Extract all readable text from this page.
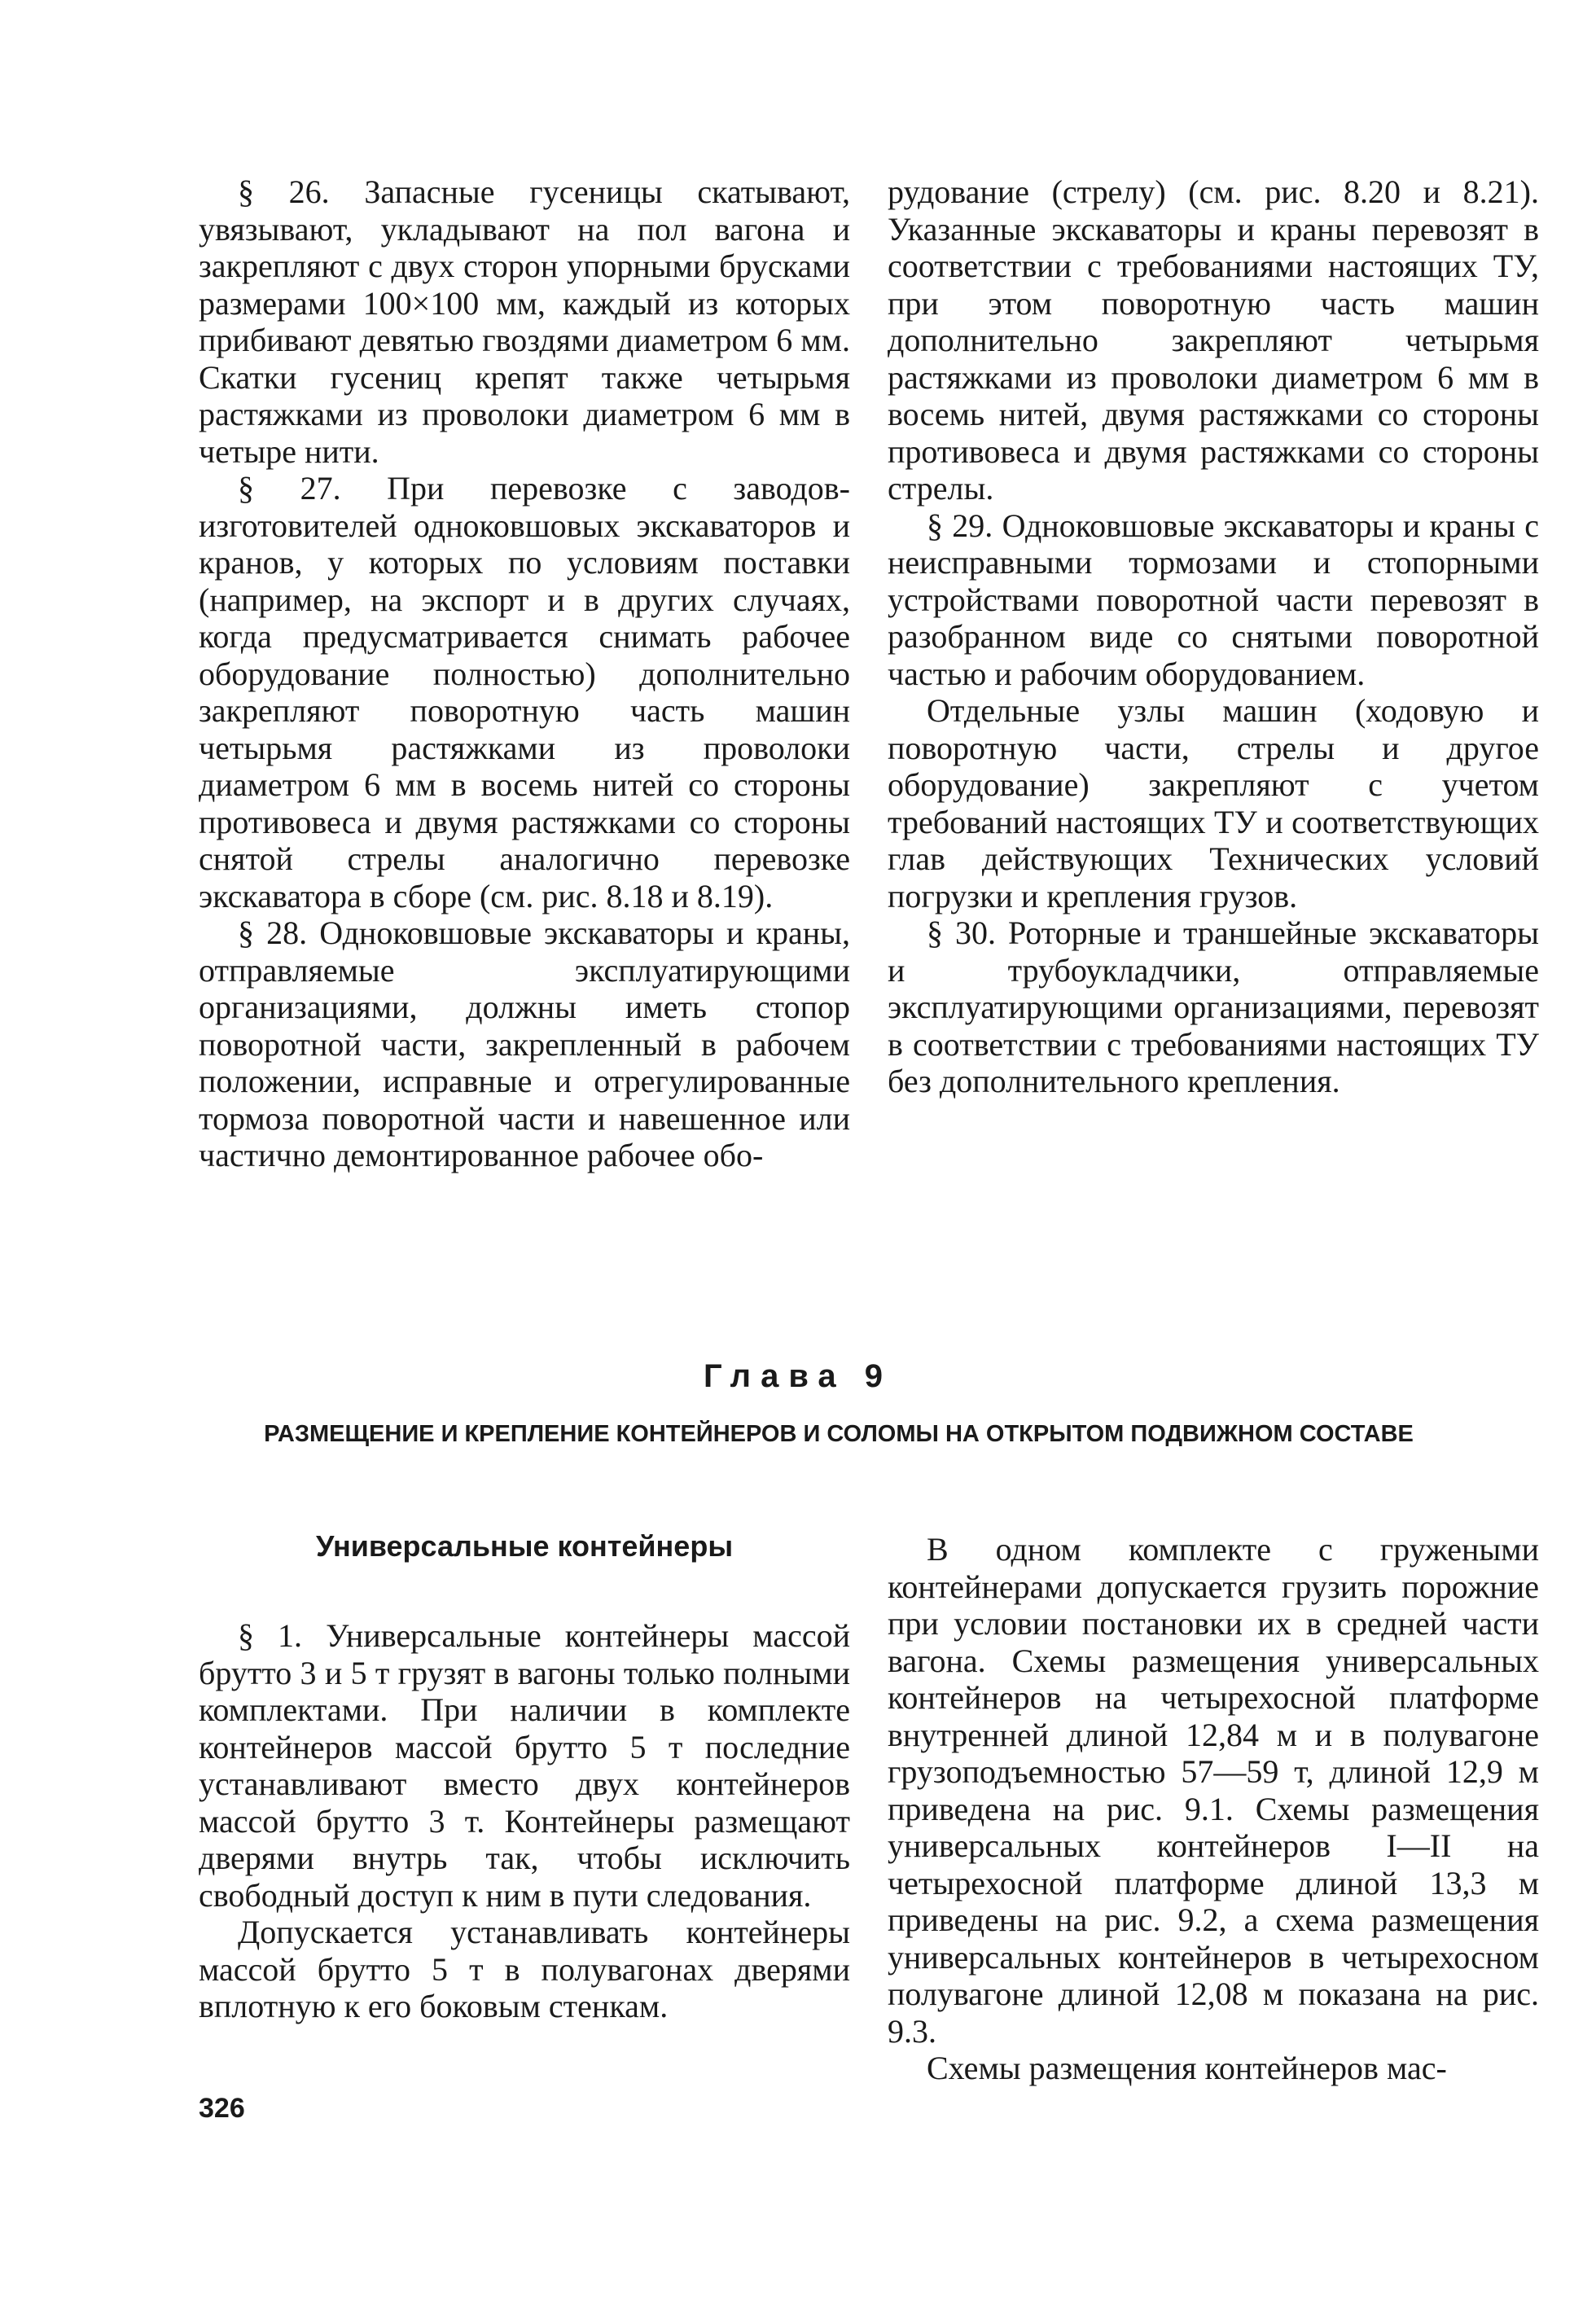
§ 26. Запасные гусеницы скатывают, увязывают, укладывают на пол вагона и закрепляют с двух сторон упорными брусками размерами 100×100 мм, каждый из которых прибивают девятью гвоздями диаметром 6 мм. Скатки гусениц крепят также четырьмя растяжками из проволоки диаметром 6 мм в четыре нити.

§ 27. При перевозке с заводов-изготовителей одноковшовых экскаваторов и кранов, у которых по условиям поставки (например, на экспорт и в других случаях, когда предусматривается снимать рабочее оборудование полностью) дополнительно закрепляют поворотную часть машин четырьмя растяжками из проволоки диаметром 6 мм в восемь нитей со стороны противовеса и двумя растяжками со стороны снятой стрелы аналогично перевозке экскаватора в сборе (см. рис. 8.18 и 8.19).

§ 28. Одноковшовые экскаваторы и краны, отправляемые эксплуатирующими организациями, должны иметь стопор поворотной части, закрепленный в рабочем положении, исправные и отрегулированные тормоза поворотной части и навешенное или частично демонтированное рабочее обо-

рудование (стрелу) (см. рис. 8.20 и 8.21). Указанные экскаваторы и краны перевозят в соответствии с требованиями настоящих ТУ, при этом поворотную часть машин дополнительно закрепляют четырьмя растяжками из проволоки диаметром 6 мм в восемь нитей, двумя растяжками со стороны противовеса и двумя растяжками со стороны стрелы.

§ 29. Одноковшовые экскаваторы и краны с неисправными тормозами и стопорными устройствами поворотной части перевозят в разобранном виде со снятыми поворотной частью и рабочим оборудованием.

Отдельные узлы машин (ходовую и поворотную части, стрелы и другое оборудование) закрепляют с учетом требований настоящих ТУ и соответствующих глав действующих Технических условий погрузки и крепления грузов.

§ 30. Роторные и траншейные экскаваторы и трубоукладчики, отправляемые эксплуатирующими организациями, перевозят в соответствии с требованиями настоящих ТУ без дополнительного крепления.

Глава 9
РАЗМЕЩЕНИЕ И КРЕПЛЕНИЕ КОНТЕЙНЕРОВ И СОЛОМЫ НА ОТКРЫТОМ ПОДВИЖНОМ СОСТАВЕ
Универсальные контейнеры

§ 1. Универсальные контейнеры массой брутто 3 и 5 т грузят в вагоны только полными комплектами. При наличии в комплекте контейнеров массой брутто 5 т последние устанавливают вместо двух контейнеров массой брутто 3 т. Контейнеры размещают дверями внутрь так, чтобы исключить свободный доступ к ним в пути следования.

Допускается устанавливать контейнеры массой брутто 5 т в полувагонах дверями вплотную к его боковым стенкам.

В одном комплекте с гружеными контейнерами допускается грузить порожние при условии постановки их в средней части вагона. Схемы размещения универсальных контейнеров на четырехосной платформе внутренней длиной 12,84 м и в полувагоне грузоподъемностью 57—59 т, длиной 12,9 м приведена на рис. 9.1. Схемы размещения универсальных контейнеров I—II на четырехосной платформе длиной 13,3 м приведены на рис. 9.2, а схема размещения универсальных контейнеров в четырехосном полувагоне длиной 12,08 м показана на рис. 9.3.

Схемы размещения контейнеров мас-

326
